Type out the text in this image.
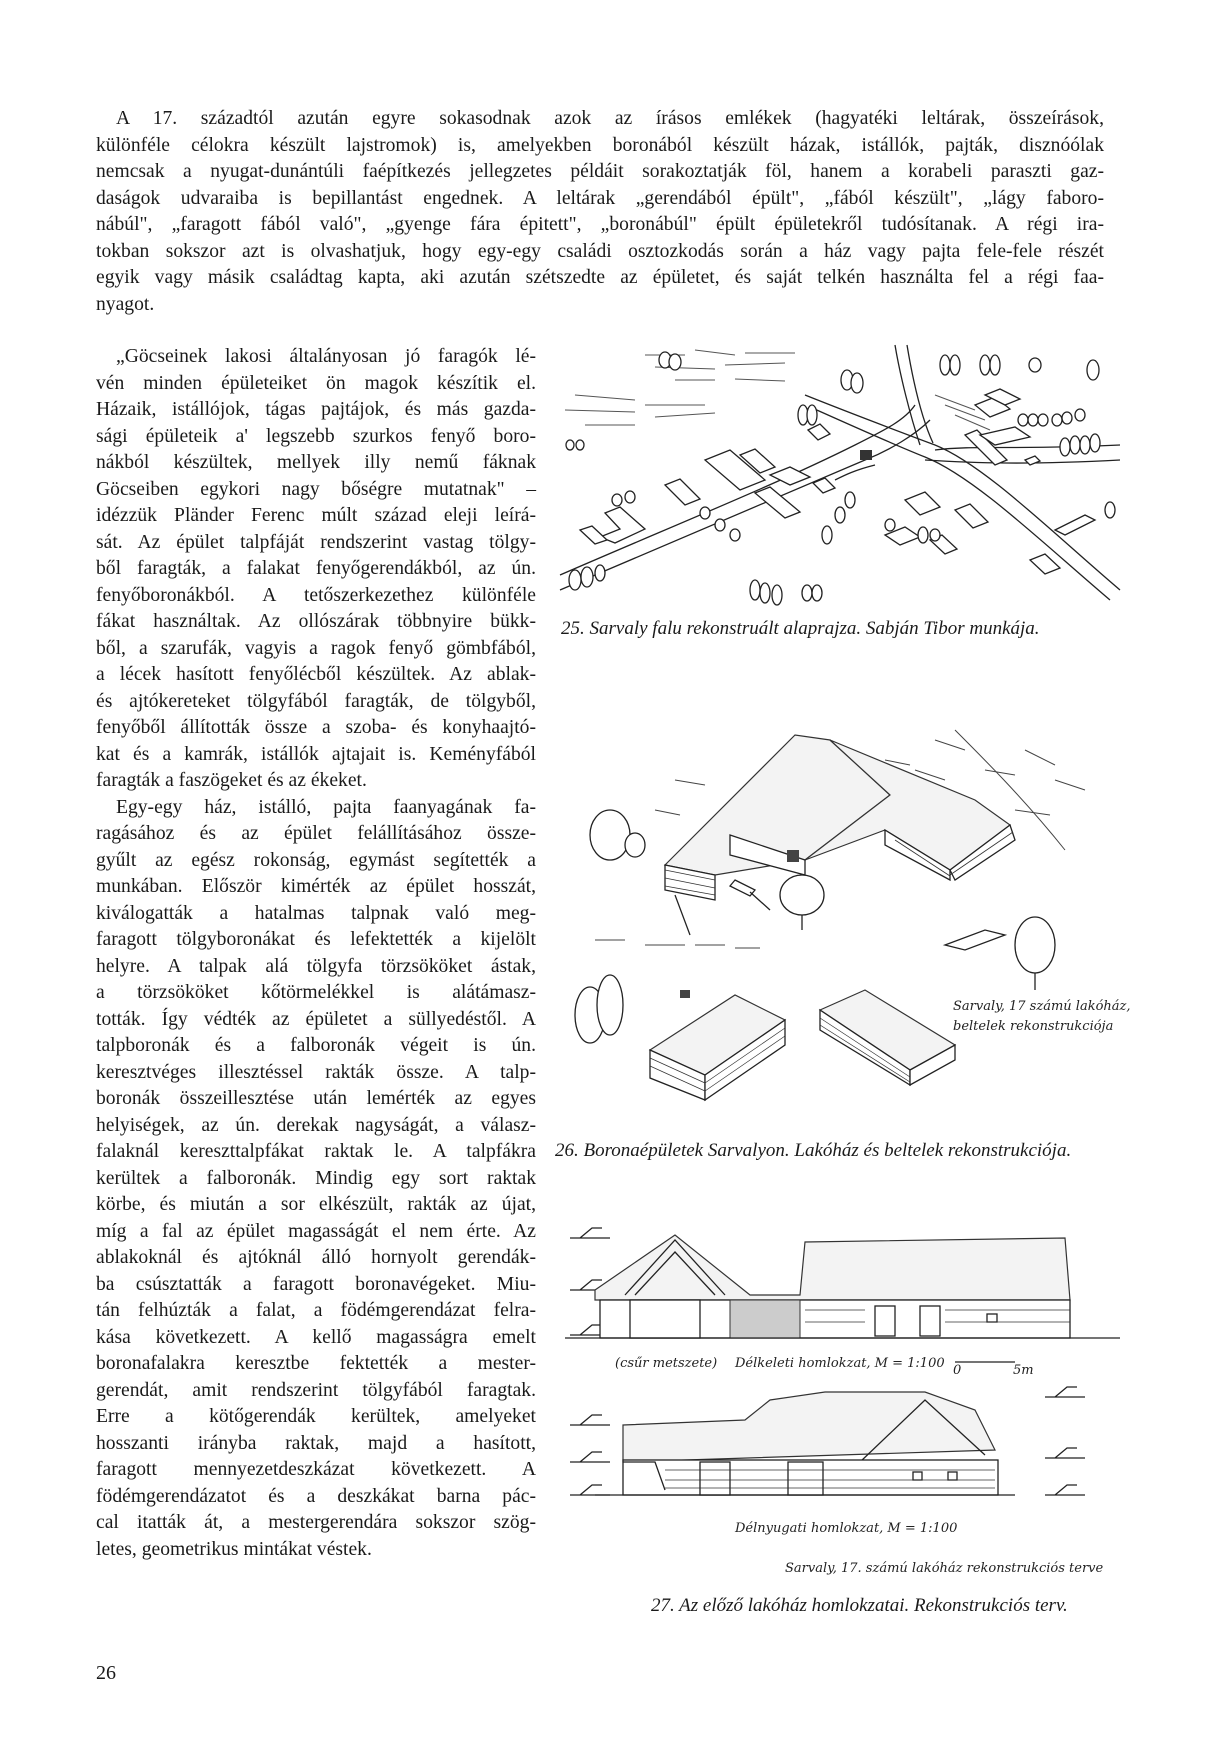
A 17. századtól azután egyre sokasodnak azok az írásos emlékek (hagyatéki leltárak, összeírások,
különféle célokra készült lajstromok) is, amelyekben boronából készült házak, istállók, pajták, disznóólak
nemcsak a nyugat-dunántúli faépítkezés jellegzetes példáit sorakoztatják föl, hanem a korabeli paraszti gaz-
daságok udvaraiba is bepillantást engednek. A leltárak „gerendából épült", „fából készült", „lágy faboro-
nábúl", „faragott fából való", „gyenge fára épitett", „boronábúl" épült épületekről tudósítanak. A régi ira-
tokban sokszor azt is olvashatjuk, hogy egy-egy családi osztozkodás során a ház vagy pajta fele-fele részét
egyik vagy másik családtag kapta, aki azután szétszedte az épületet, és saját telkén használta fel a régi faa-
nyagot.
„Göcseinek lakosi általányosan jó faragók lé-
vén minden épületeiket ön magok készítik el.
Házaik, istállójok, tágas pajtájok, és más gazda-
sági épületeik a' legszebb szurkos fenyő boro-
nákból készültek, mellyek illy nemű fáknak
Göcseiben egykori nagy bőségre mutatnak" –
idézzük Pländer Ferenc múlt század eleji leírá-
sát. Az épület talpfáját rendszerint vastag tölgy-
ből faragták, a falakat fenyőgerendákból, az ún.
fenyőboronákból. A tetőszerkezethez különféle
fákat használtak. Az ollószárak többnyire bükk-
ből, a szarufák, vagyis a ragok fenyő gömbfából,
a lécek hasított fenyőlécből készültek. Az ablak-
és ajtókereteket tölgyfából faragták, de tölgyből,
fenyőből állították össze a szoba- és konyhaajtó-
kat és a kamrák, istállók ajtajait is. Keményfából
faragták a faszögeket és az ékeket.
Egy-egy ház, istálló, pajta faanyagának fa-
ragásához és az épület felállításához össze-
gyűlt az egész rokonság, egymást segítették a
munkában. Először kimérték az épület hosszát,
kiválogatták a hatalmas talpnak való meg-
faragott tölgyboronákat és lefektették a kijelölt
helyre. A talpak alá tölgyfa törzsököket ástak,
a törzsököket kőtörmelékkel is alátámasz-
tották. Így védték az épületet a süllyedéstől. A
talpboronák és a falboronák végeit is ún.
keresztvéges illesztéssel rakták össze. A talp-
boronák összeillesztése után lemérték az egyes
helyiségek, az ún. derekak nagyságát, a válasz-
falaknál kereszttalpfákat raktak le. A talpfákra
kerültek a falboronák. Mindig egy sort raktak
körbe, és miután a sor elkészült, rakták az újat,
míg a fal az épület magasságát el nem érte. Az
ablakoknál és ajtóknál álló hornyolt gerendák-
ba csúsztatták a faragott boronavégeket. Miu-
tán felhúzták a falat, a födémgerendázat felra-
kása következett. A kellő magasságra emelt
boronafalakra keresztbe fektették a mester-
gerendát, amit rendszerint tölgyfából faragtak.
Erre a kötőgerendák kerültek, amelyeket
hosszanti irányba raktak, majd a hasított,
faragott mennyezetdeszkázat következett. A
födémgerendázatot és a deszkákat barna pác-
cal itatták át, a mestergerendára sokszor szög-
letes, geometrikus mintákat véstek.
25. Sarvaly falu rekonstruált alaprajza. Sabján Tibor munkája.
Sarvaly, 17 számú lakóház,
beltelek rekonstrukciója
26. Boronaépületek Sarvalyon. Lakóház és beltelek rekonstrukciója.
(csűr metszete) Délkeleti homlokzat, M = 1:100 0	5m
Délnyugati homlokzat, M = 1:100
Sarvaly, 17. számú lakóház rekonstrukciós terve
27. Az előző lakóház homlokzatai. Rekonstrukciós terv.
26
